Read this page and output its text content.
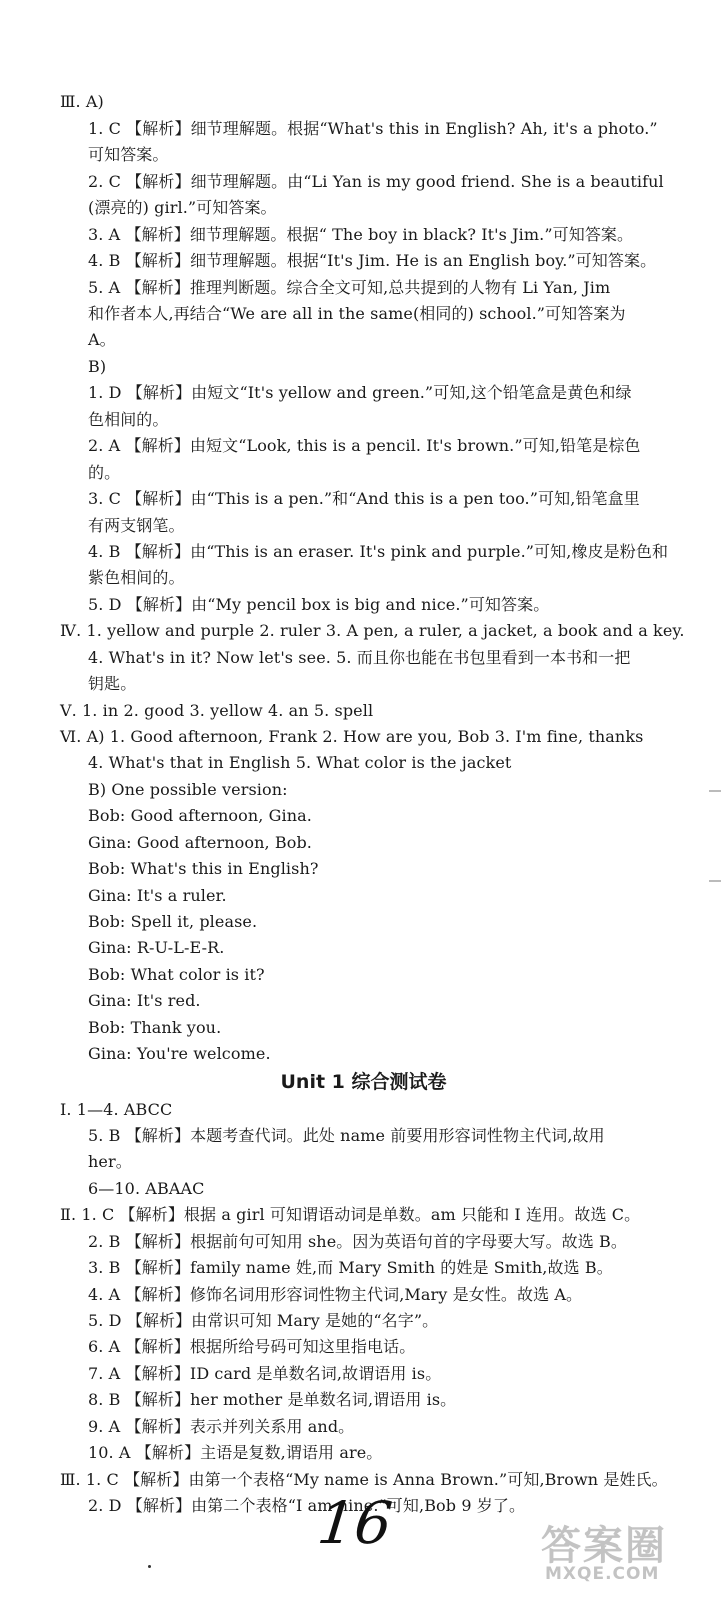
Ⅲ. A)
1. C 【解析】细节理解题。根据“What's this in English? Ah, it's a photo.”
可知答案。
2. C 【解析】细节理解题。由“Li Yan is my good friend. She is a beautiful
(漂亮的) girl.”可知答案。
3. A 【解析】细节理解题。根据“ The boy in black? It's Jim.”可知答案。
4. B 【解析】细节理解题。根据“It's Jim. He is an English boy.”可知答案。
5. A 【解析】推理判断题。综合全文可知,总共提到的人物有 Li Yan, Jim
和作者本人,再结合“We are all in the same(相同的) school.”可知答案为
A。
B)
1. D 【解析】由短文“It's yellow and green.”可知,这个铅笔盒是黄色和绿
色相间的。
2. A 【解析】由短文“Look, this is a pencil. It's brown.”可知,铅笔是棕色
的。
3. C 【解析】由“This is a pen.”和“And this is a pen too.”可知,铅笔盒里
有两支钢笔。
4. B 【解析】由“This is an eraser. It's pink and purple.”可知,橡皮是粉色和
紫色相间的。
5. D 【解析】由“My pencil box is big and nice.”可知答案。
Ⅳ. 1. yellow and purple 2. ruler 3. A pen, a ruler, a jacket, a book and a key.
4. What's in it? Now let's see. 5. 而且你也能在书包里看到一本书和一把
钥匙。
Ⅴ. 1. in 2. good 3. yellow 4. an 5. spell
Ⅵ. A) 1. Good afternoon, Frank 2. How are you, Bob 3. I'm fine, thanks
4. What's that in English 5. What color is the jacket
B) One possible version:
Bob: Good afternoon, Gina.
Gina: Good afternoon, Bob.
Bob: What's this in English?
Gina: It's a ruler.
Bob: Spell it, please.
Gina: R-U-L-E-R.
Bob: What color is it?
Gina: It's red.
Bob: Thank you.
Gina: You're welcome.
Unit 1 综合测试卷
Ⅰ. 1—4. ABCC
5. B 【解析】本题考查代词。此处 name 前要用形容词性物主代词,故用
her。
6—10. ABAAC
Ⅱ. 1. C 【解析】根据 a girl 可知谓语动词是单数。am 只能和 I 连用。故选 C。
2. B 【解析】根据前句可知用 she。因为英语句首的字母要大写。故选 B。
3. B 【解析】family name 姓,而 Mary Smith 的姓是 Smith,故选 B。
4. A 【解析】修饰名词用形容词性物主代词,Mary 是女性。故选 A。
5. D 【解析】由常识可知 Mary 是她的“名字”。
6. A 【解析】根据所给号码可知这里指电话。
7. A 【解析】ID card 是单数名词,故谓语用 is。
8. B 【解析】her mother 是单数名词,谓语用 is。
9. A 【解析】表示并列关系用 and。
10. A 【解析】主语是复数,谓语用 are。
Ⅲ. 1. C 【解析】由第一个表格“My name is Anna Brown.”可知,Brown 是姓氏。
2. D 【解析】由第二个表格“I am nine.”可知,Bob 9 岁了。
16	答案圈
MXQE.COM
